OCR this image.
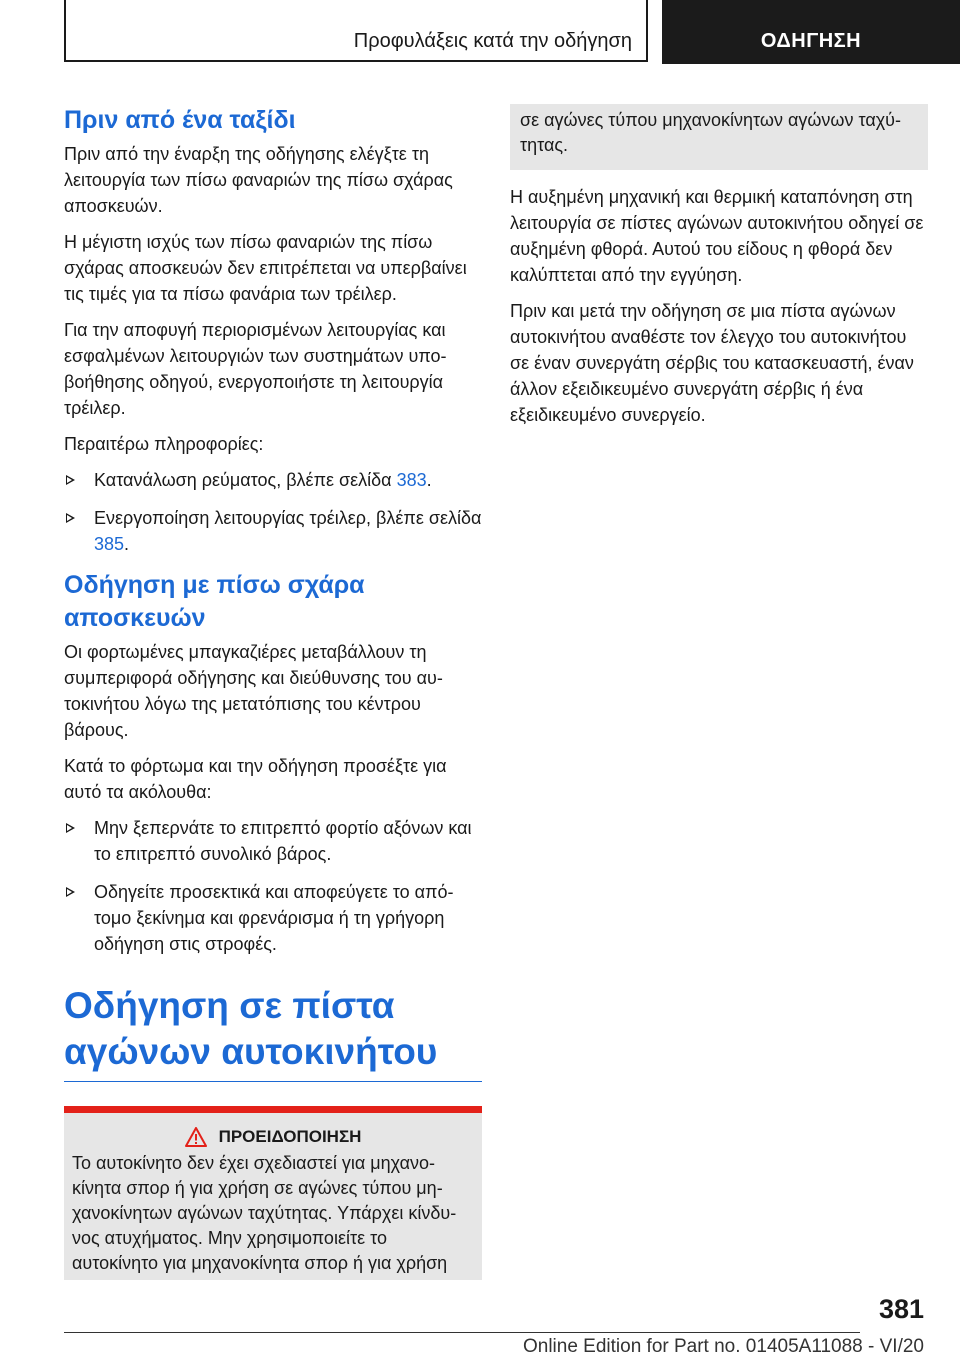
Προφυλάξεις κατά την οδήγηση	ΟΔΗΓΗΣΗ
Πριν από ένα ταξίδι

Πριν από την έναρξη της οδήγησης ελέγξτε τη λειτουργία των πίσω φαναριών της πίσω σχάρας αποσκευών.

Η μέγιστη ισχύς των πίσω φαναριών της πίσω σχάρας αποσκευών δεν επιτρέπεται να υπερβαίνει τις τιμές για τα πίσω φανάρια των τρέιλερ.

Για την αποφυγή περιορισμένων λειτουργίας και εσφαλμένων λειτουργιών των συστημάτων υποβοήθησης οδηγού, ενεργοποιήστε τη λειτουργία τρέιλερ.

Περαιτέρω πληροφορίες:

Κατανάλωση ρεύματος, βλέπε σελίδα 383.
Ενεργοποίηση λειτουργίας τρέιλερ, βλέπε σελίδα 385.
Οδήγηση με πίσω σχάρα αποσκευών

Οι φορτωμένες μπαγκαζιέρες μεταβάλλουν τη συμπεριφορά οδήγησης και διεύθυνσης του αυτοκινήτου λόγω της μετατόπισης του κέντρου βάρους.

Κατά το φόρτωμα και την οδήγηση προσέξτε για αυτό τα ακόλουθα:

Μην ξεπερνάτε το επιτρεπτό φορτίο αξόνων και το επιτρεπτό συνολικό βάρος.
Οδηγείτε προσεκτικά και αποφεύγετε το απότομο ξεκίνημα και φρενάρισμα ή τη γρήγορη οδήγηση στις στροφές.
Οδήγηση σε πίστα αγώνων αυτοκινήτου
ΠΡΟΕΙΔΟΠΟΙΗΣΗ

Το αυτοκίνητο δεν έχει σχεδιαστεί για μηχανοκίνητα σπορ ή για χρήση σε αγώνες τύπου μηχανοκίνητων αγώνων ταχύτητας. Υπάρχει κίνδυνος ατυχήματος. Μην χρησιμοποιείτε το αυτοκίνητο για μηχανοκίνητα σπορ ή για χρήση

σε αγώνες τύπου μηχανοκίνητων αγώνων ταχύτητας.

Η αυξημένη μηχανική και θερμική καταπόνηση στη λειτουργία σε πίστες αγώνων αυτοκινήτου οδηγεί σε αυξημένη φθορά. Αυτού του είδους η φθορά δεν καλύπτεται από την εγγύηση.

Πριν και μετά την οδήγηση σε μια πίστα αγώνων αυτοκινήτου αναθέστε τον έλεγχο του αυτοκινήτου σε έναν συνεργάτη σέρβις του κατασκευαστή, έναν άλλον εξειδικευμένο συνεργάτη σέρβις ή ένα εξειδικευμένο συνεργείο.

381
Online Edition for Part no. 01405A11088 - VI/20
